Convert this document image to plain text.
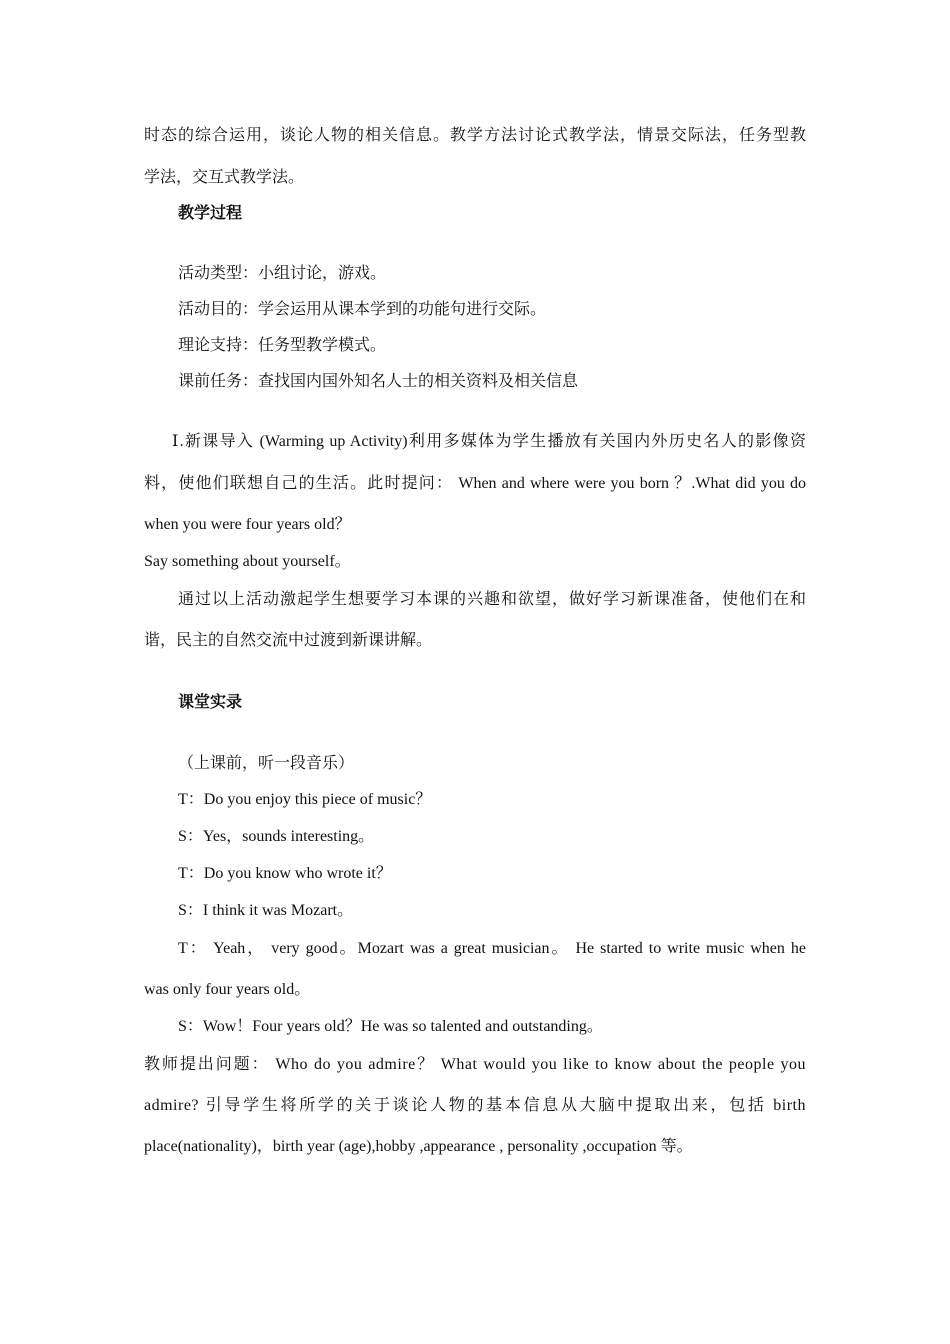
时态的综合运用，谈论人物的相关信息。教学方法讨论式教学法，情景交际法，任务型教
学法，交互式教学法。
教学过程
活动类型：小组讨论，游戏。
活动目的：学会运用从课本学到的功能句进行交际。
理论支持：任务型教学模式。
课前任务：查找国内国外知名人士的相关资料及相关信息
Ⅰ.新课导入 (Warming up Activity)利用多媒体为学生播放有关国内外历史名人的影像资
料，使他们联想自己的生活。此时提问： When and where were you born ？.What did you do
when you were four years old？
Say something about yourself。
通过以上活动激起学生想要学习本课的兴趣和欲望，做好学习新课准备，使他们在和
谐，民主的自然交流中过渡到新课讲解。
课堂实录
（上课前，听一段音乐）
T：Do you enjoy this piece of music？
S：Yes，sounds interesting。
T：Do you know who wrote it？
S：I think it was Mozart。
T： Yeah， very good。Mozart was a great musician。 He started to write music when he
was only four years old。
S：Wow！Four years old？He was so talented and outstanding。
教师提出问题： Who do you admire？ What would you like to know about the people you
admire? 引导学生将所学的关于谈论人物的基本信息从大脑中提取出来，包括 birth
place(nationality)，birth year (age),hobby ,appearance , personality ,occupation 等。
